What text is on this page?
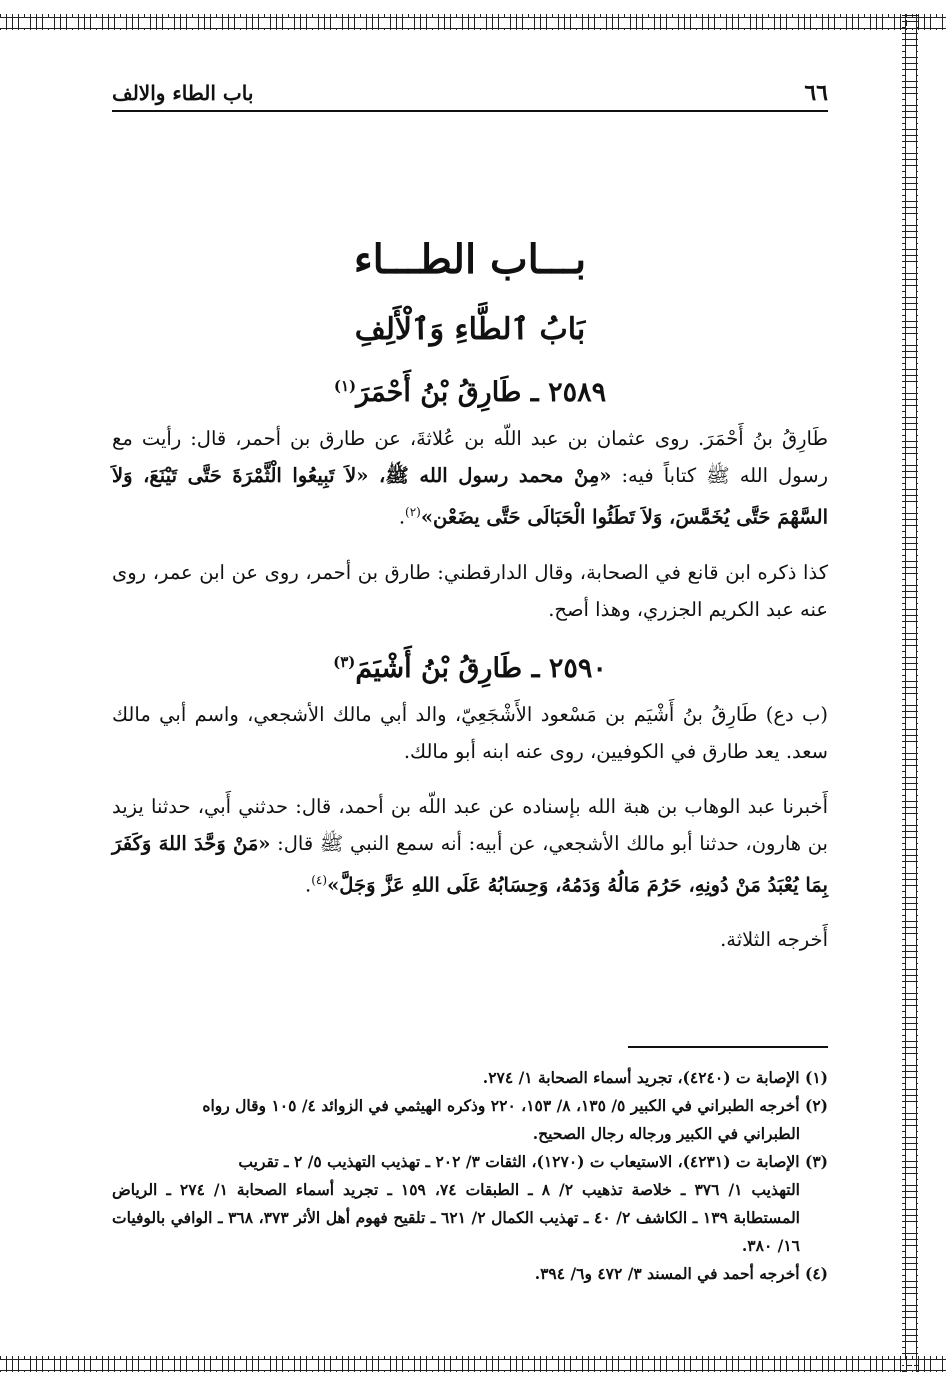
٦٦
باب الطاء والالف
بـــاب الطـــاء
بَابُ ٱلطَّاءِ وَٱلْأَلِفِ
٢٥٨٩ ـ طَارِقُ بْنُ أَحْمَرَ$^{(١)}$

طَارِقُ بنُ أَحْمَرَ. روى عثمان بن عبد اللّه بن عُلاثةَ، عن طارق بن أحمر، قال: رأيت مع رسول الله ﷺ كتاباً فيه: «مِنْ محمد رسول الله ﷺ، «لاَ تَبِيعُوا الْثَّمْرَةَ حَتَّى تَيْنَعَ، وَلاَ السَّهْمَ حَتَّى يُخَمَّسَ، وَلاَ تَطَئُوا الْحَبَالَى حَتَّى يضَعْن»$^{(٢)}$.

كذا ذكره ابن قانع في الصحابة، وقال الدارقطني: طارق بن أحمر، روى عن ابن عمر، روى عنه عبد الكريم الجزري، وهذا أصح.

٢٥٩٠ ـ طَارِقُ بْنُ أَشْيَمَ$^{(٣)}$

(ب دع) طَارِقُ بنُ أَشْيَم بن مَسْعود الأَشْجَعِيّ، والد أبي مالك الأشجعي، واسم أبي مالك سعد. يعد طارق في الكوفيين، روى عنه ابنه أبو مالك.

أَخبرنا عبد الوهاب بن هبة الله بإسناده عن عبد اللّه بن أحمد، قال: حدثني أَبي، حدثنا يزيد بن هارون، حدثنا أبو مالك الأشجعي، عن أبيه: أنه سمع النبي ﷺ قال: «مَنْ وَحَّدَ اللهَ وَكَفَرَ بِمَا يُعْبَدُ مَنْ دُونِهِ، حَرُمَ مَالُهُ وَدَمُهُ، وَحِسَابُهُ عَلَى اللهِ عَزَّ وَجَلَّ»$^{(٤)}$.

أَخرجه الثلاثة.

(١) الإصابة ت (٤٢٤٠)، تجريد أسماء الصحابة ١/ ٢٧٤.

(٢) أخرجه الطبراني في الكبير ٥/ ١٣٥، ٨/ ١٥٣، ٢٢٠ وذكره الهيثمي في الزوائد ٤/ ١٠٥ وقال رواه
الطبراني في الكبير ورجاله رجال الصحيح.

(٣) الإصابة ت (٤٢٣١)، الاستيعاب ت (١٢٧٠)، الثقات ٣/ ٢٠٢ ـ تهذيب التهذيب ٥/ ٢ ـ تقريب
التهذيب ١/ ٣٧٦ ـ خلاصة تذهيب ٢/ ٨ ـ الطبقات ٧٤، ١٥٩ ـ تجريد أسماء الصحابة ١/ ٢٧٤ ـ الرياض المستطابة ١٣٩ ـ الكاشف ٢/ ٤٠ ـ تهذيب الكمال ٢/ ٦٢١ ـ تلقيح فهوم أهل الأثر ٣٧٣، ٣٦٨ ـ الوافي بالوفيات ١٦/ ٣٨٠.

(٤) أخرجه أحمد في المسند ٣/ ٤٧٢ و٦/ ٣٩٤.
